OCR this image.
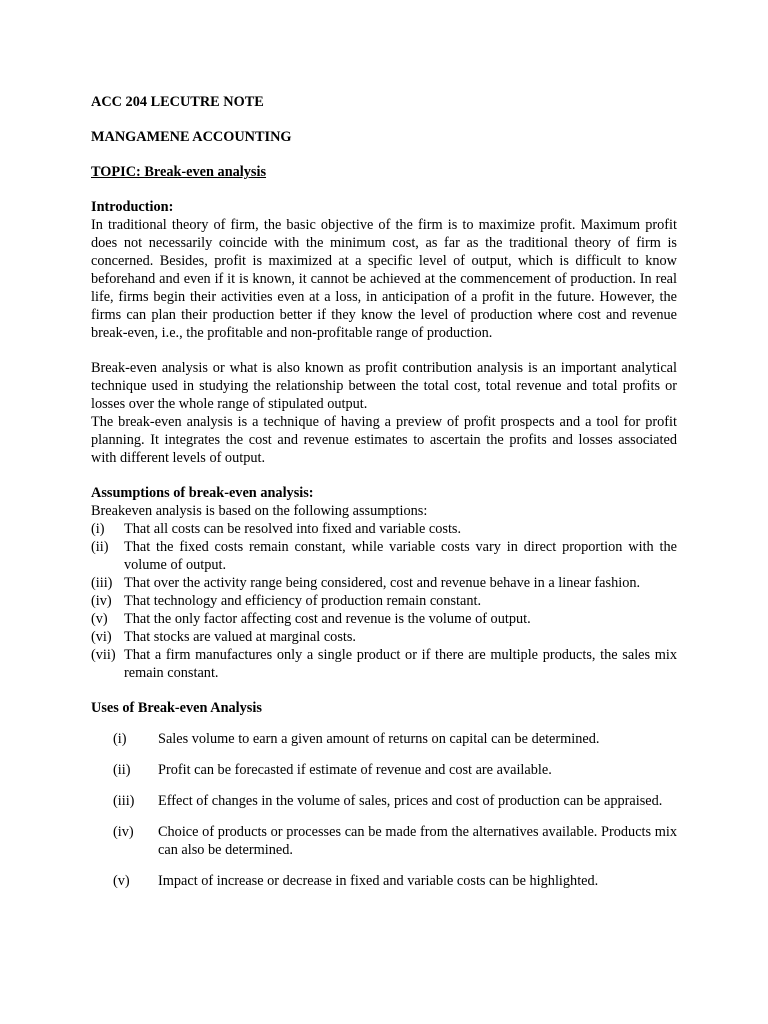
ACC 204 LECUTRE NOTE

MANGAMENE ACCOUNTING

TOPIC: Break-even analysis

Introduction:

In traditional theory of firm, the basic objective of the firm is to maximize profit. Maximum profit does not necessarily coincide with the minimum cost, as far as the traditional theory of firm is concerned. Besides, profit is maximized at a specific level of output, which is difficult to know beforehand and even if it is known, it cannot be achieved at the commencement of production. In real life, firms begin their activities even at a loss, in anticipation of a profit in the future. However, the firms can plan their production better if they know the level of production where cost and revenue break-even, i.e., the profitable and non-profitable range of production.

Break-even analysis or what is also known as profit contribution analysis is an important analytical technique used in studying the relationship between the total cost, total revenue and total profits or losses over the whole range of stipulated output.

The break-even analysis is a technique of having a preview of profit prospects and a tool for profit planning. It integrates the cost and revenue estimates to ascertain the profits and losses associated with different levels of output.

Assumptions of break-even analysis:

Breakeven analysis is based on the following assumptions:

(i)	That all costs can be resolved into fixed and variable costs.
(ii)	That the fixed costs remain constant, while variable costs vary in direct proportion with the volume of output.
(iii) That over the activity range being considered, cost and revenue behave in a linear fashion.
(iv) That technology and efficiency of production remain constant.
(v)	That the only factor affecting cost and revenue is the volume of output.
(vi) That stocks are valued at marginal costs.
(vii) That a firm manufactures only a single product or if there are multiple products, the sales mix remain constant.

Uses of Break-even Analysis

(i)	Sales volume to earn a given amount of returns on capital can be determined.
(ii)	Profit can be forecasted if estimate of revenue and cost are available.
(iii)	Effect of changes in the volume of sales, prices and cost of production can be appraised.
(iv)	Choice of products or processes can be made from the alternatives available. Products mix can also be determined.
(v)	Impact of increase or decrease in fixed and variable costs can be highlighted.
